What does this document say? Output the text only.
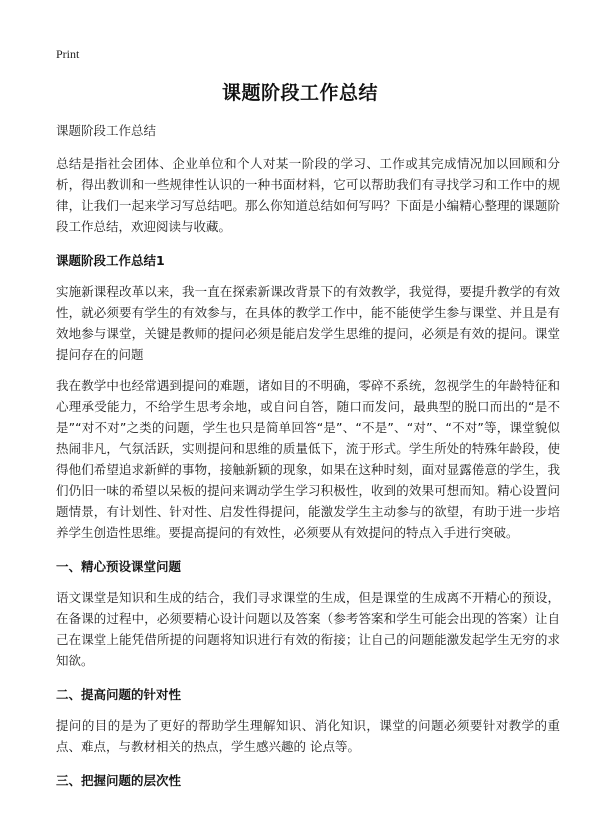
Print
课题阶段工作总结
课题阶段工作总结

总结是指社会团体、企业单位和个人对某一阶段的学习、工作或其完成情况加以回顾和分析，得出教训和一些规律性认识的一种书面材料，它可以帮助我们有寻找学习和工作中的规律，让我们一起来学习写总结吧。那么你知道总结如何写吗？下面是小编精心整理的课题阶段工作总结，欢迎阅读与收藏。

课题阶段工作总结1

实施新课程改革以来，我一直在探索新课改背景下的有效教学，我觉得，要提升教学的有效性，就必须要有学生的有效参与，在具体的教学工作中，能不能使学生参与课堂、并且是有效地参与课堂，关键是教师的提问必须是能启发学生思维的提问，必须是有效的提问。课堂提问存在的问题

我在教学中也经常遇到提问的难题，诸如目的不明确，零碎不系统，忽视学生的年龄特征和心理承受能力，不给学生思考余地，或自问自答，随口而发问，最典型的脱口而出的“是不是”“对不对”之类的问题，学生也只是简单回答“是”、“不是”、“对”、“不对”等，课堂貌似热闹非凡，气氛活跃，实则提问和思维的质量低下，流于形式。学生所处的特殊年龄段，使得他们希望追求新鲜的事物，接触新颖的现象，如果在这种时刻，面对显露倦意的学生，我们仍旧一味的希望以呆板的提问来调动学生学习积极性，收到的效果可想而知。精心设置问题情景，有计划性、针对性、启发性得提问，能激发学生主动参与的欲望，有助于进一步培养学生创造性思维。要提高提问的有效性，必须要从有效提问的特点入手进行突破。

一、精心预设课堂问题

语文课堂是知识和生成的结合，我们寻求课堂的生成，但是课堂的生成离不开精心的预设，在备课的过程中，必须要精心设计问题以及答案（参考答案和学生可能会出现的答案）让自己在课堂上能凭借所提的问题将知识进行有效的衔接；让自己的问题能激发起学生无穷的求知欲。

二、提高问题的针对性

提问的目的是为了更好的帮助学生理解知识、消化知识，课堂的问题必须要针对教学的重点、难点，与教材相关的热点，学生感兴趣的 论点等。

三、把握问题的层次性
